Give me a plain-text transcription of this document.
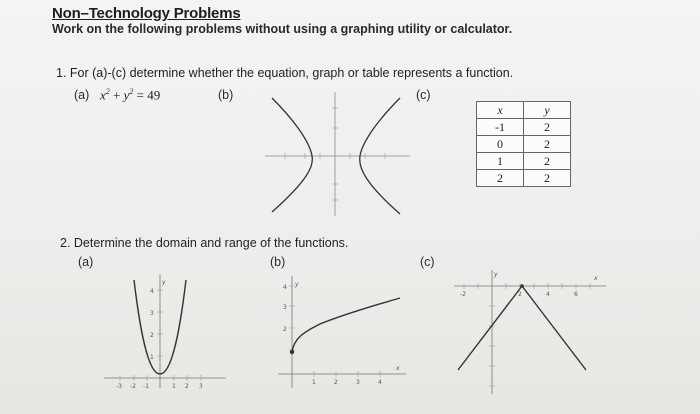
Non–Technology Problems
Work on the following problems without using a graphing utility or calculator.
1. For (a)-(c) determine whether the equation, graph or table represents a function.
(a) $x^2 + y^2 = 49$	(b)	(c)
x	y
-1	2
0	2
1	2
2	2
2. Determine the domain and range of the functions.
(a)	(b)	(c)
y
4
3
2
1
-3 -2 -1	1 2 3
y
4
3
2
1	2	3	4
x
y
x
-2	2	4	6
